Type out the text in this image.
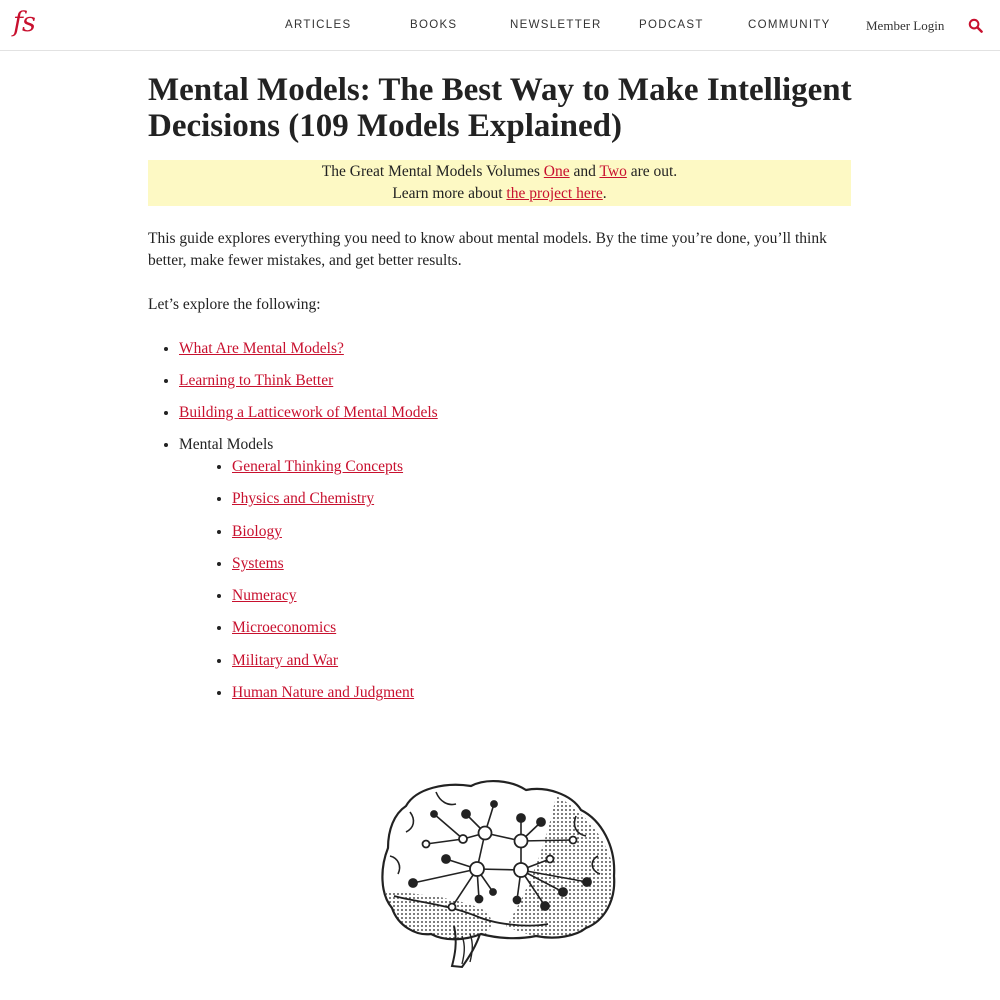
fs	ARTICLES	BOOKS	NEWSLETTER	PODCAST	COMMUNITY	Member Login
Mental Models: The Best Way to Make Intelligent
Decisions (109 Models Explained)
The Great Mental Models Volumes One and Two are out.
Learn more about the project here.

This guide explores everything you need to know about mental models. By the time you’re done, you’ll think better, make fewer mistakes, and get better results.

Let’s explore the following:

• What Are Mental Models?
• Learning to Think Better
• Building a Latticework of Mental Models
• Mental Models
• General Thinking Concepts
• Physics and Chemistry
• Biology
• Systems
• Numeracy
• Microeconomics
• Military and War
• Human Nature and Judgment
